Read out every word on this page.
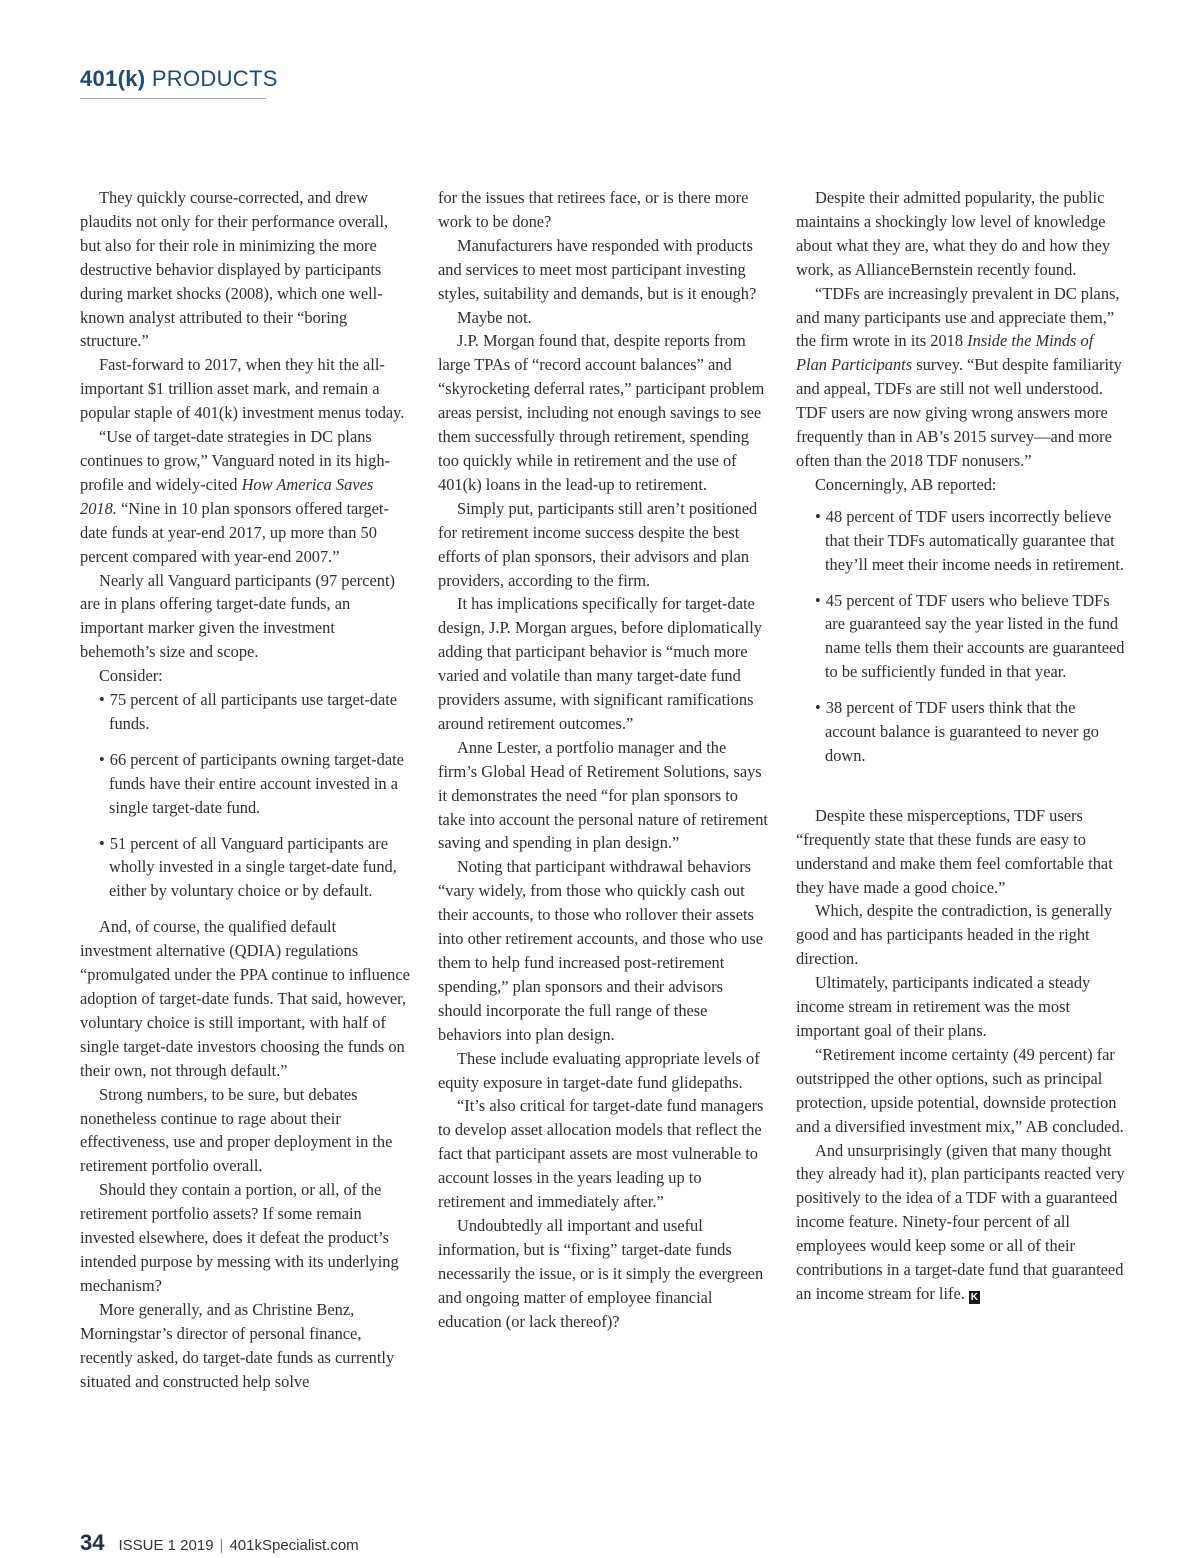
401(k) PRODUCTS

They quickly course-corrected, and drew plaudits not only for their performance overall, but also for their role in minimizing the more destructive behavior displayed by participants during market shocks (2008), which one well-known analyst attributed to their “boring structure.”

Fast-forward to 2017, when they hit the all-important $1 trillion asset mark, and remain a popular staple of 401(k) investment menus today.

“Use of target-date strategies in DC plans continues to grow,” Vanguard noted in its high-profile and widely-cited How America Saves 2018. “Nine in 10 plan sponsors offered target-date funds at year-end 2017, up more than 50 percent compared with year-end 2007.”

Nearly all Vanguard participants (97 percent) are in plans offering target-date funds, an important marker given the investment behemoth’s size and scope.

Consider:

• 75 percent of all participants use target-date funds.
• 66 percent of participants owning target-date funds have their entire account invested in a single target-date fund.
• 51 percent of all Vanguard participants are wholly invested in a single target-date fund, either by voluntary choice or by default.

And, of course, the qualified default investment alternative (QDIA) regulations “promulgated under the PPA continue to influence adoption of target-date funds. That said, however, voluntary choice is still important, with half of single target-date investors choosing the funds on their own, not through default.”

Strong numbers, to be sure, but debates nonetheless continue to rage about their effectiveness, use and proper deployment in the retirement portfolio overall.

Should they contain a portion, or all, of the retirement portfolio assets? If some remain invested elsewhere, does it defeat the product’s intended purpose by messing with its underlying mechanism?

More generally, and as Christine Benz, Morningstar’s director of personal finance, recently asked, do target-date funds as currently situated and constructed help solve

for the issues that retirees face, or is there more work to be done?

Manufacturers have responded with products and services to meet most participant investing styles, suitability and demands, but is it enough?

Maybe not.

J.P. Morgan found that, despite reports from large TPAs of “record account balances” and “skyrocketing deferral rates,” participant problem areas persist, including not enough savings to see them successfully through retirement, spending too quickly while in retirement and the use of 401(k) loans in the lead-up to retirement.

Simply put, participants still aren’t positioned for retirement income success despite the best efforts of plan sponsors, their advisors and plan providers, according to the firm.

It has implications specifically for target-date design, J.P. Morgan argues, before diplomatically adding that participant behavior is “much more varied and volatile than many target-date fund providers assume, with significant ramifications around retirement outcomes.”

Anne Lester, a portfolio manager and the firm’s Global Head of Retirement Solutions, says it demonstrates the need “for plan sponsors to take into account the personal nature of retirement saving and spending in plan design.”

Noting that participant withdrawal behaviors “vary widely, from those who quickly cash out their accounts, to those who rollover their assets into other retirement accounts, and those who use them to help fund increased post-retirement spending,” plan sponsors and their advisors should incorporate the full range of these behaviors into plan design.

These include evaluating appropriate levels of equity exposure in target-date fund glidepaths.

“It’s also critical for target-date fund managers to develop asset allocation models that reflect the fact that participant assets are most vulnerable to account losses in the years leading up to retirement and immediately after.”

Undoubtedly all important and useful information, but is “fixing” target-date funds necessarily the issue, or is it simply the evergreen and ongoing matter of employee financial education (or lack thereof)?

Despite their admitted popularity, the public maintains a shockingly low level of knowledge about what they are, what they do and how they work, as AllianceBernstein recently found.

“TDFs are increasingly prevalent in DC plans, and many participants use and appreciate them,” the firm wrote in its 2018 Inside the Minds of Plan Participants survey. “But despite familiarity and appeal, TDFs are still not well understood. TDF users are now giving wrong answers more frequently than in AB’s 2015 survey—and more often than the 2018 TDF nonusers.”

Concerningly, AB reported:

• 48 percent of TDF users incorrectly believe that their TDFs automatically guarantee that they’ll meet their income needs in retirement.
• 45 percent of TDF users who believe TDFs are guaranteed say the year listed in the fund name tells them their accounts are guaranteed to be sufficiently funded in that year.
• 38 percent of TDF users think that the account balance is guaranteed to never go down.

Despite these misperceptions, TDF users “frequently state that these funds are easy to understand and make them feel comfortable that they have made a good choice.”

Which, despite the contradiction, is generally good and has participants headed in the right direction.

Ultimately, participants indicated a steady income stream in retirement was the most important goal of their plans.

“Retirement income certainty (49 percent) far outstripped the other options, such as principal protection, upside potential, downside protection and a diversified investment mix,” AB concluded.

And unsurprisingly (given that many thought they already had it), plan participants reacted very positively to the idea of a TDF with a guaranteed income feature. Ninety-four percent of all employees would keep some or all of their contributions in a target-date fund that guaranteed an income stream for life. K

34 ISSUE 1 2019 | 401kSpecialist.com
